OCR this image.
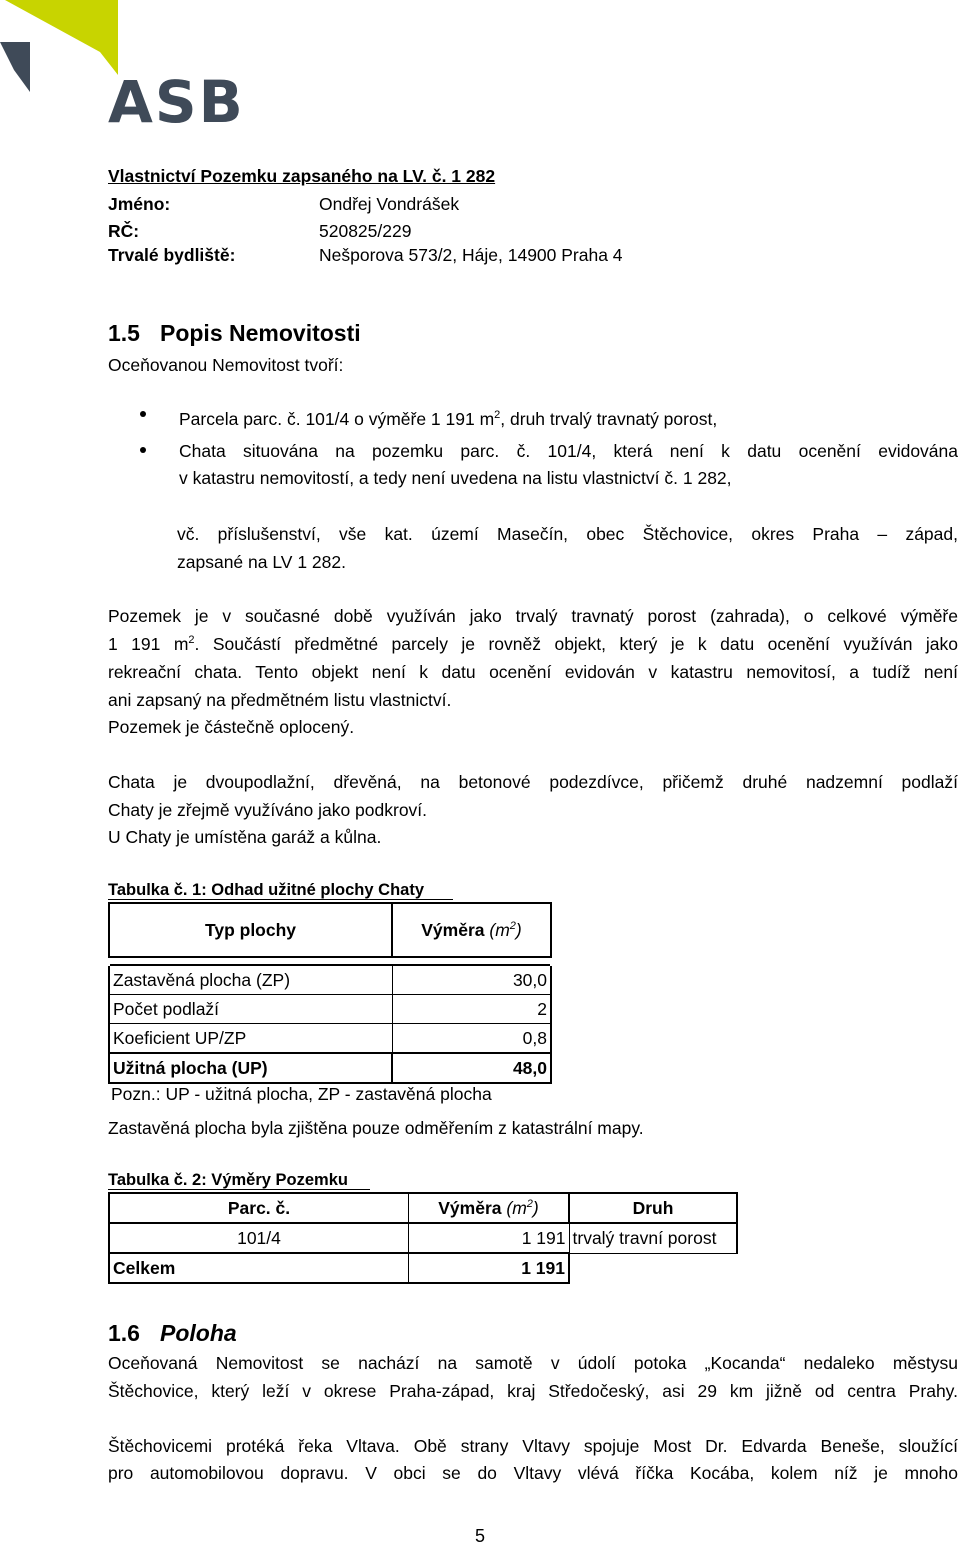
ASB
Vlastnictví Pozemku zapsaného na LV. č. 1 282
Jméno:	Ondřej Vondrášek
RČ:	520825/229
Trvalé bydliště:	Nešporova 573/2, Háje, 14900 Praha 4
1.5 Popis Nemovitosti
Oceňovanou Nemovitost tvoří:
Parcela parc. č. 101/4 o výměře 1 191 $m^2$, druh trvalý travnatý porost,
Chata situována na pozemku parc. č. 101/4, která není k datu ocenění evidována
v katastru nemovitostí, a tedy není uvedena na listu vlastnictví č. 1 282,
vč. příslušenství, vše kat. území Masečín, obec Štěchovice, okres Praha – západ,
zapsané na LV 1 282.
Pozemek je v současné době využíván jako trvalý travnatý porost (zahrada), o celkové výměře
1 191 $m^2$. Součástí předmětné parcely je rovněž objekt, který je k datu ocenění využíván jako
rekreační chata. Tento objekt není k datu ocenění evidován v katastru nemovitosí, a tudíž není
ani zapsaný na předmětném listu vlastnictví.
Pozemek je částečně oplocený.
Chata je dvoupodlažní, dřevěná, na betonové podezdívce, přičemž druhé nadzemní podlaží
Chaty je zřejmě využíváno jako podkroví.
U Chaty je umístěna garáž a kůlna.
Tabulka č. 1: Odhad užitné plochy Chaty
Typ plochy	Výměra $(m^2)$

Zastavěná plocha (ZP)	30,0
Počet podlaží	2
Koeficient UP/ZP	0,8
Užitná plocha (UP)	48,0
Pozn.: UP - užitná plocha, ZP - zastavěná plocha
Zastavěná plocha byla zjištěna pouze odměřením z katastrální mapy.
Tabulka č. 2: Výměry Pozemku
Parc. č.	Výměra $(m^2)$	Druh
101/4	1 191	trvalý travní porost
Celkem	1 191	
1.6 Poloha
Oceňovaná Nemovitost se nachází na samotě v údolí potoka „Kocanda“ nedaleko městysu
Štěchovice, který leží v okrese Praha-západ, kraj Středočeský, asi 29 km jižně od centra Prahy.
Štěchovicemi protéká řeka Vltava. Obě strany Vltavy spojuje Most Dr. Edvarda Beneše, sloužící
pro automobilovou dopravu. V obci se do Vltavy vlévá říčka Kocába, kolem níž je mnoho
5
